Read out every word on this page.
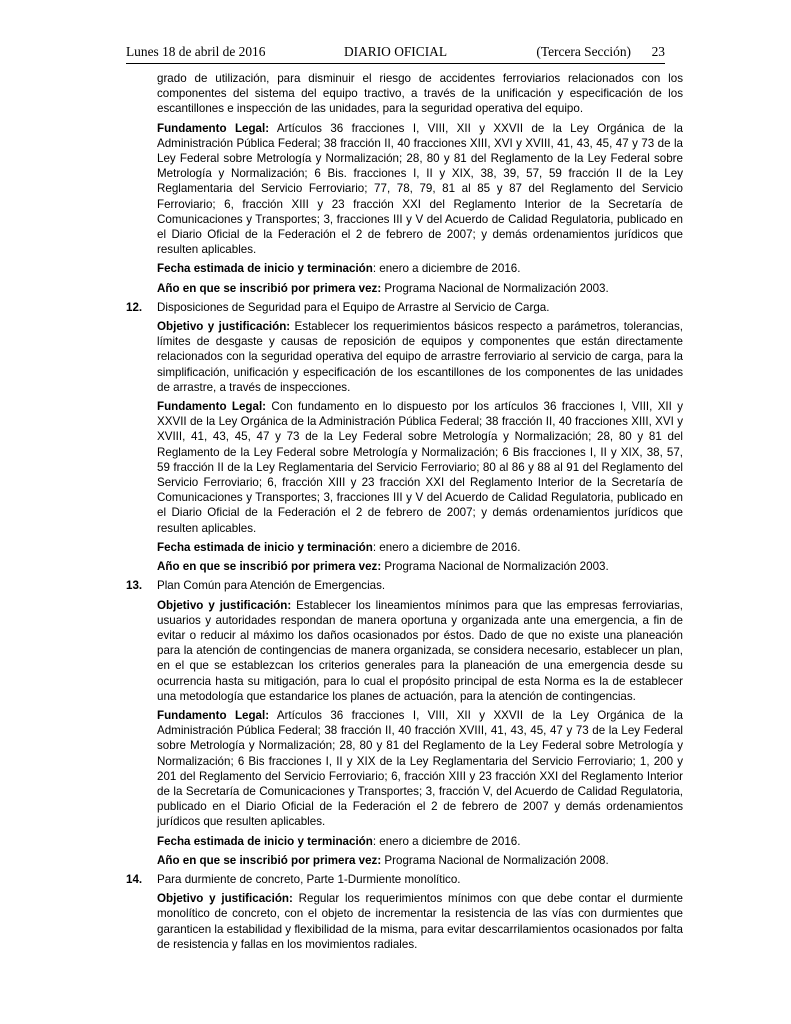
Lunes 18 de abril de 2016	DIARIO OFICIAL	(Tercera Sección)	23

grado de utilización, para disminuir el riesgo de accidentes ferroviarios relacionados con los componentes del sistema del equipo tractivo, a través de la unificación y especificación de los escantillones e inspección de las unidades, para la seguridad operativa del equipo.

Fundamento Legal: Artículos 36 fracciones I, VIII, XII y XXVII de la Ley Orgánica de la Administración Pública Federal; 38 fracción II, 40 fracciones XIII, XVI y XVIII, 41, 43, 45, 47 y 73 de la Ley Federal sobre Metrología y Normalización; 28, 80 y 81 del Reglamento de la Ley Federal sobre Metrología y Normalización; 6 Bis. fracciones I, II y XIX, 38, 39, 57, 59 fracción II de la Ley Reglamentaria del Servicio Ferroviario; 77, 78, 79, 81 al 85 y 87 del Reglamento del Servicio Ferroviario; 6, fracción XIII y 23 fracción XXI del Reglamento Interior de la Secretaría de Comunicaciones y Transportes; 3, fracciones III y V del Acuerdo de Calidad Regulatoria, publicado en el Diario Oficial de la Federación el 2 de febrero de 2007; y demás ordenamientos jurídicos que resulten aplicables.

Fecha estimada de inicio y terminación: enero a diciembre de 2016.

Año en que se inscribió por primera vez: Programa Nacional de Normalización 2003.

12. Disposiciones de Seguridad para el Equipo de Arrastre al Servicio de Carga.

Objetivo y justificación: Establecer los requerimientos básicos respecto a parámetros, tolerancias, límites de desgaste y causas de reposición de equipos y componentes que están directamente relacionados con la seguridad operativa del equipo de arrastre ferroviario al servicio de carga, para la simplificación, unificación y especificación de los escantillones de los componentes de las unidades de arrastre, a través de inspecciones.

Fundamento Legal: Con fundamento en lo dispuesto por los artículos 36 fracciones I, VIII, XII y XXVII de la Ley Orgánica de la Administración Pública Federal; 38 fracción II, 40 fracciones XIII, XVI y XVIII, 41, 43, 45, 47 y 73 de la Ley Federal sobre Metrología y Normalización; 28, 80 y 81 del Reglamento de la Ley Federal sobre Metrología y Normalización; 6 Bis fracciones I, II y XIX, 38, 57, 59 fracción II de la Ley Reglamentaria del Servicio Ferroviario; 80 al 86 y 88 al 91 del Reglamento del Servicio Ferroviario; 6, fracción XIII y 23 fracción XXI del Reglamento Interior de la Secretaría de Comunicaciones y Transportes; 3, fracciones III y V del Acuerdo de Calidad Regulatoria, publicado en el Diario Oficial de la Federación el 2 de febrero de 2007; y demás ordenamientos jurídicos que resulten aplicables.

Fecha estimada de inicio y terminación: enero a diciembre de 2016.

Año en que se inscribió por primera vez: Programa Nacional de Normalización 2003.

13. Plan Común para Atención de Emergencias.

Objetivo y justificación: Establecer los lineamientos mínimos para que las empresas ferroviarias, usuarios y autoridades respondan de manera oportuna y organizada ante una emergencia, a fin de evitar o reducir al máximo los daños ocasionados por éstos. Dado de que no existe una planeación para la atención de contingencias de manera organizada, se considera necesario, establecer un plan, en el que se establezcan los criterios generales para la planeación de una emergencia desde su ocurrencia hasta su mitigación, para lo cual el propósito principal de esta Norma es la de establecer una metodología que estandarice los planes de actuación, para la atención de contingencias.

Fundamento Legal: Artículos 36 fracciones I, VIII, XII y XXVII de la Ley Orgánica de la Administración Pública Federal; 38 fracción II, 40 fracción XVIII, 41, 43, 45, 47 y 73 de la Ley Federal sobre Metrología y Normalización; 28, 80 y 81 del Reglamento de la Ley Federal sobre Metrología y Normalización; 6 Bis fracciones I, II y XIX de la Ley Reglamentaria del Servicio Ferroviario; 1, 200 y 201 del Reglamento del Servicio Ferroviario; 6, fracción XIII y 23 fracción XXI del Reglamento Interior de la Secretaría de Comunicaciones y Transportes; 3, fracción V, del Acuerdo de Calidad Regulatoria, publicado en el Diario Oficial de la Federación el 2 de febrero de 2007 y demás ordenamientos jurídicos que resulten aplicables.

Fecha estimada de inicio y terminación: enero a diciembre de 2016.

Año en que se inscribió por primera vez: Programa Nacional de Normalización 2008.

14. Para durmiente de concreto, Parte 1-Durmiente monolítico.

Objetivo y justificación: Regular los requerimientos mínimos con que debe contar el durmiente monolítico de concreto, con el objeto de incrementar la resistencia de las vías con durmientes que garanticen la estabilidad y flexibilidad de la misma, para evitar descarrilamientos ocasionados por falta de resistencia y fallas en los movimientos radiales.
